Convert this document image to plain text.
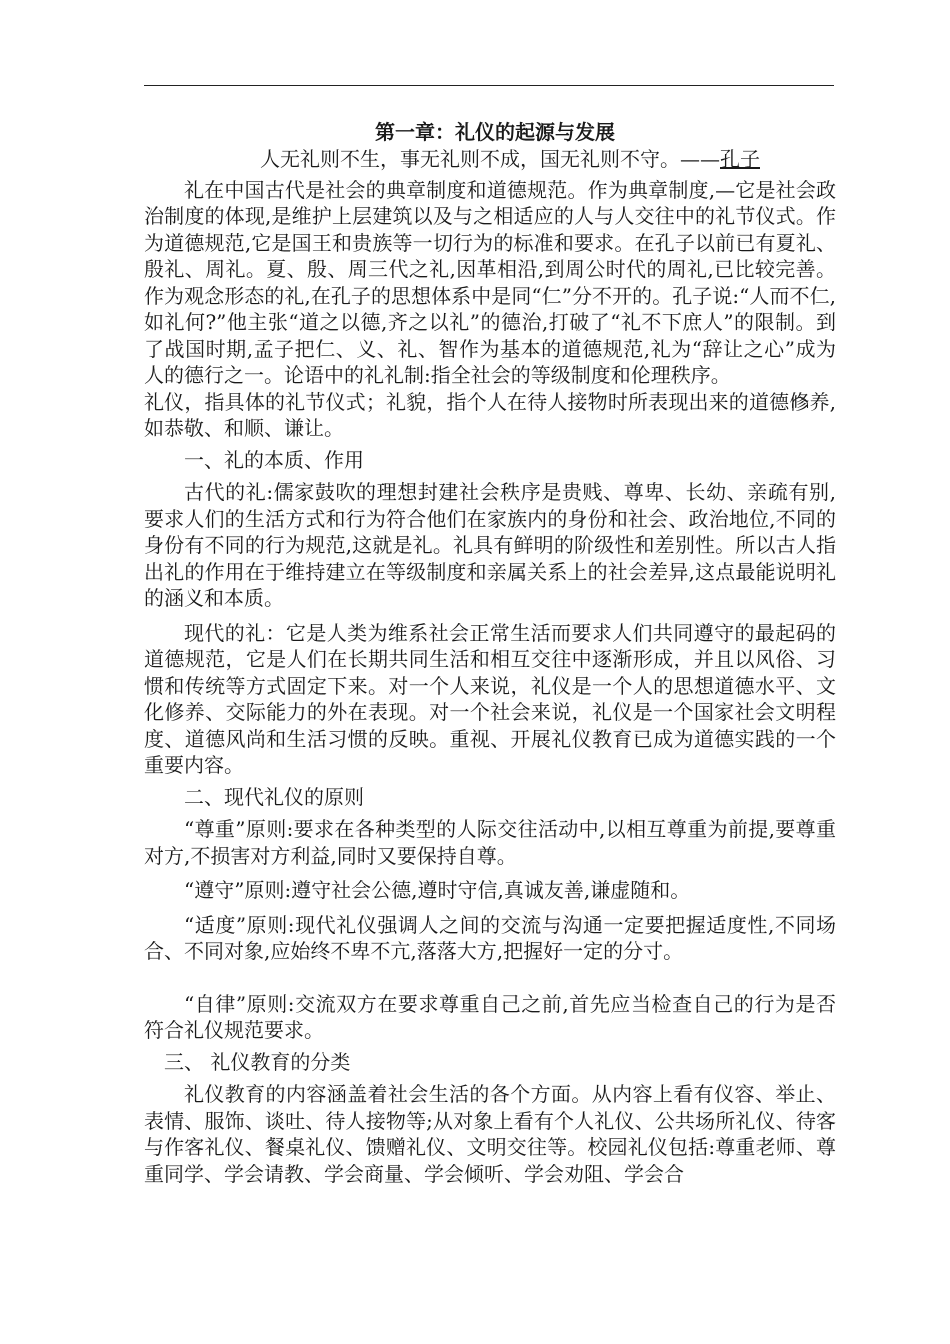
第一章：礼仪的起源与发展

人无礼则不生，事无礼则不成，国无礼则不守。——孔子

礼在中国古代是社会的典章制度和道德规范。作为典章制度,—它是社会政治制度的体现,是维护上层建筑以及与之相适应的人与人交往中的礼节仪式。作为道德规范,它是国王和贵族等一切行为的标准和要求。在孔子以前已有夏礼、殷礼、周礼。夏、殷、周三代之礼,因革相沿,到周公时代的周礼,已比较完善。作为观念形态的礼,在孔子的思想体系中是同“仁”分不开的。孔子说:“人而不仁,如礼何?”他主张“道之以德,齐之以礼”的德治,打破了“礼不下庶人”的限制。到了战国时期,孟子把仁、义、礼、智作为基本的道德规范,礼为“辞让之心”成为人的德行之一。论语中的礼礼制:指全社会的等级制度和伦理秩序。

礼仪，指具体的礼节仪式；礼貌，指个人在待人接物时所表现出来的道德修养,如恭敬、和顺、谦让。

一、礼的本质、作用

古代的礼:儒家鼓吹的理想封建社会秩序是贵贱、尊卑、长幼、亲疏有别,要求人们的生活方式和行为符合他们在家族内的身份和社会、政治地位,不同的身份有不同的行为规范,这就是礼。礼具有鲜明的阶级性和差别性。所以古人指出礼的作用在于维持建立在等级制度和亲属关系上的社会差异,这点最能说明礼的涵义和本质。

现代的礼：它是人类为维系社会正常生活而要求人们共同遵守的最起码的道德规范，它是人们在长期共同生活和相互交往中逐渐形成，并且以风俗、习惯和传统等方式固定下来。对一个人来说，礼仪是一个人的思想道德水平、文化修养、交际能力的外在表现。对一个社会来说，礼仪是一个国家社会文明程度、道德风尚和生活习惯的反映。重视、开展礼仪教育已成为道德实践的一个重要内容。

二、现代礼仪的原则

“尊重”原则:要求在各种类型的人际交往活动中,以相互尊重为前提,要尊重对方,不损害对方利益,同时又要保持自尊。

“遵守”原则:遵守社会公德,遵时守信,真诚友善,谦虚随和。

“适度”原则:现代礼仪强调人之间的交流与沟通一定要把握适度性,不同场合、不同对象,应始终不卑不亢,落落大方,把握好一定的分寸。

“自律”原则:交流双方在要求尊重自己之前,首先应当检查自己的行为是否符合礼仪规范要求。

三、 礼仪教育的分类

礼仪教育的内容涵盖着社会生活的各个方面。从内容上看有仪容、举止、表情、服饰、谈吐、待人接物等;从对象上看有个人礼仪、公共场所礼仪、待客与作客礼仪、餐桌礼仪、馈赠礼仪、文明交往等。校园礼仪包括:尊重老师、尊重同学、学会请教、学会商量、学会倾听、学会劝阻、学会合
